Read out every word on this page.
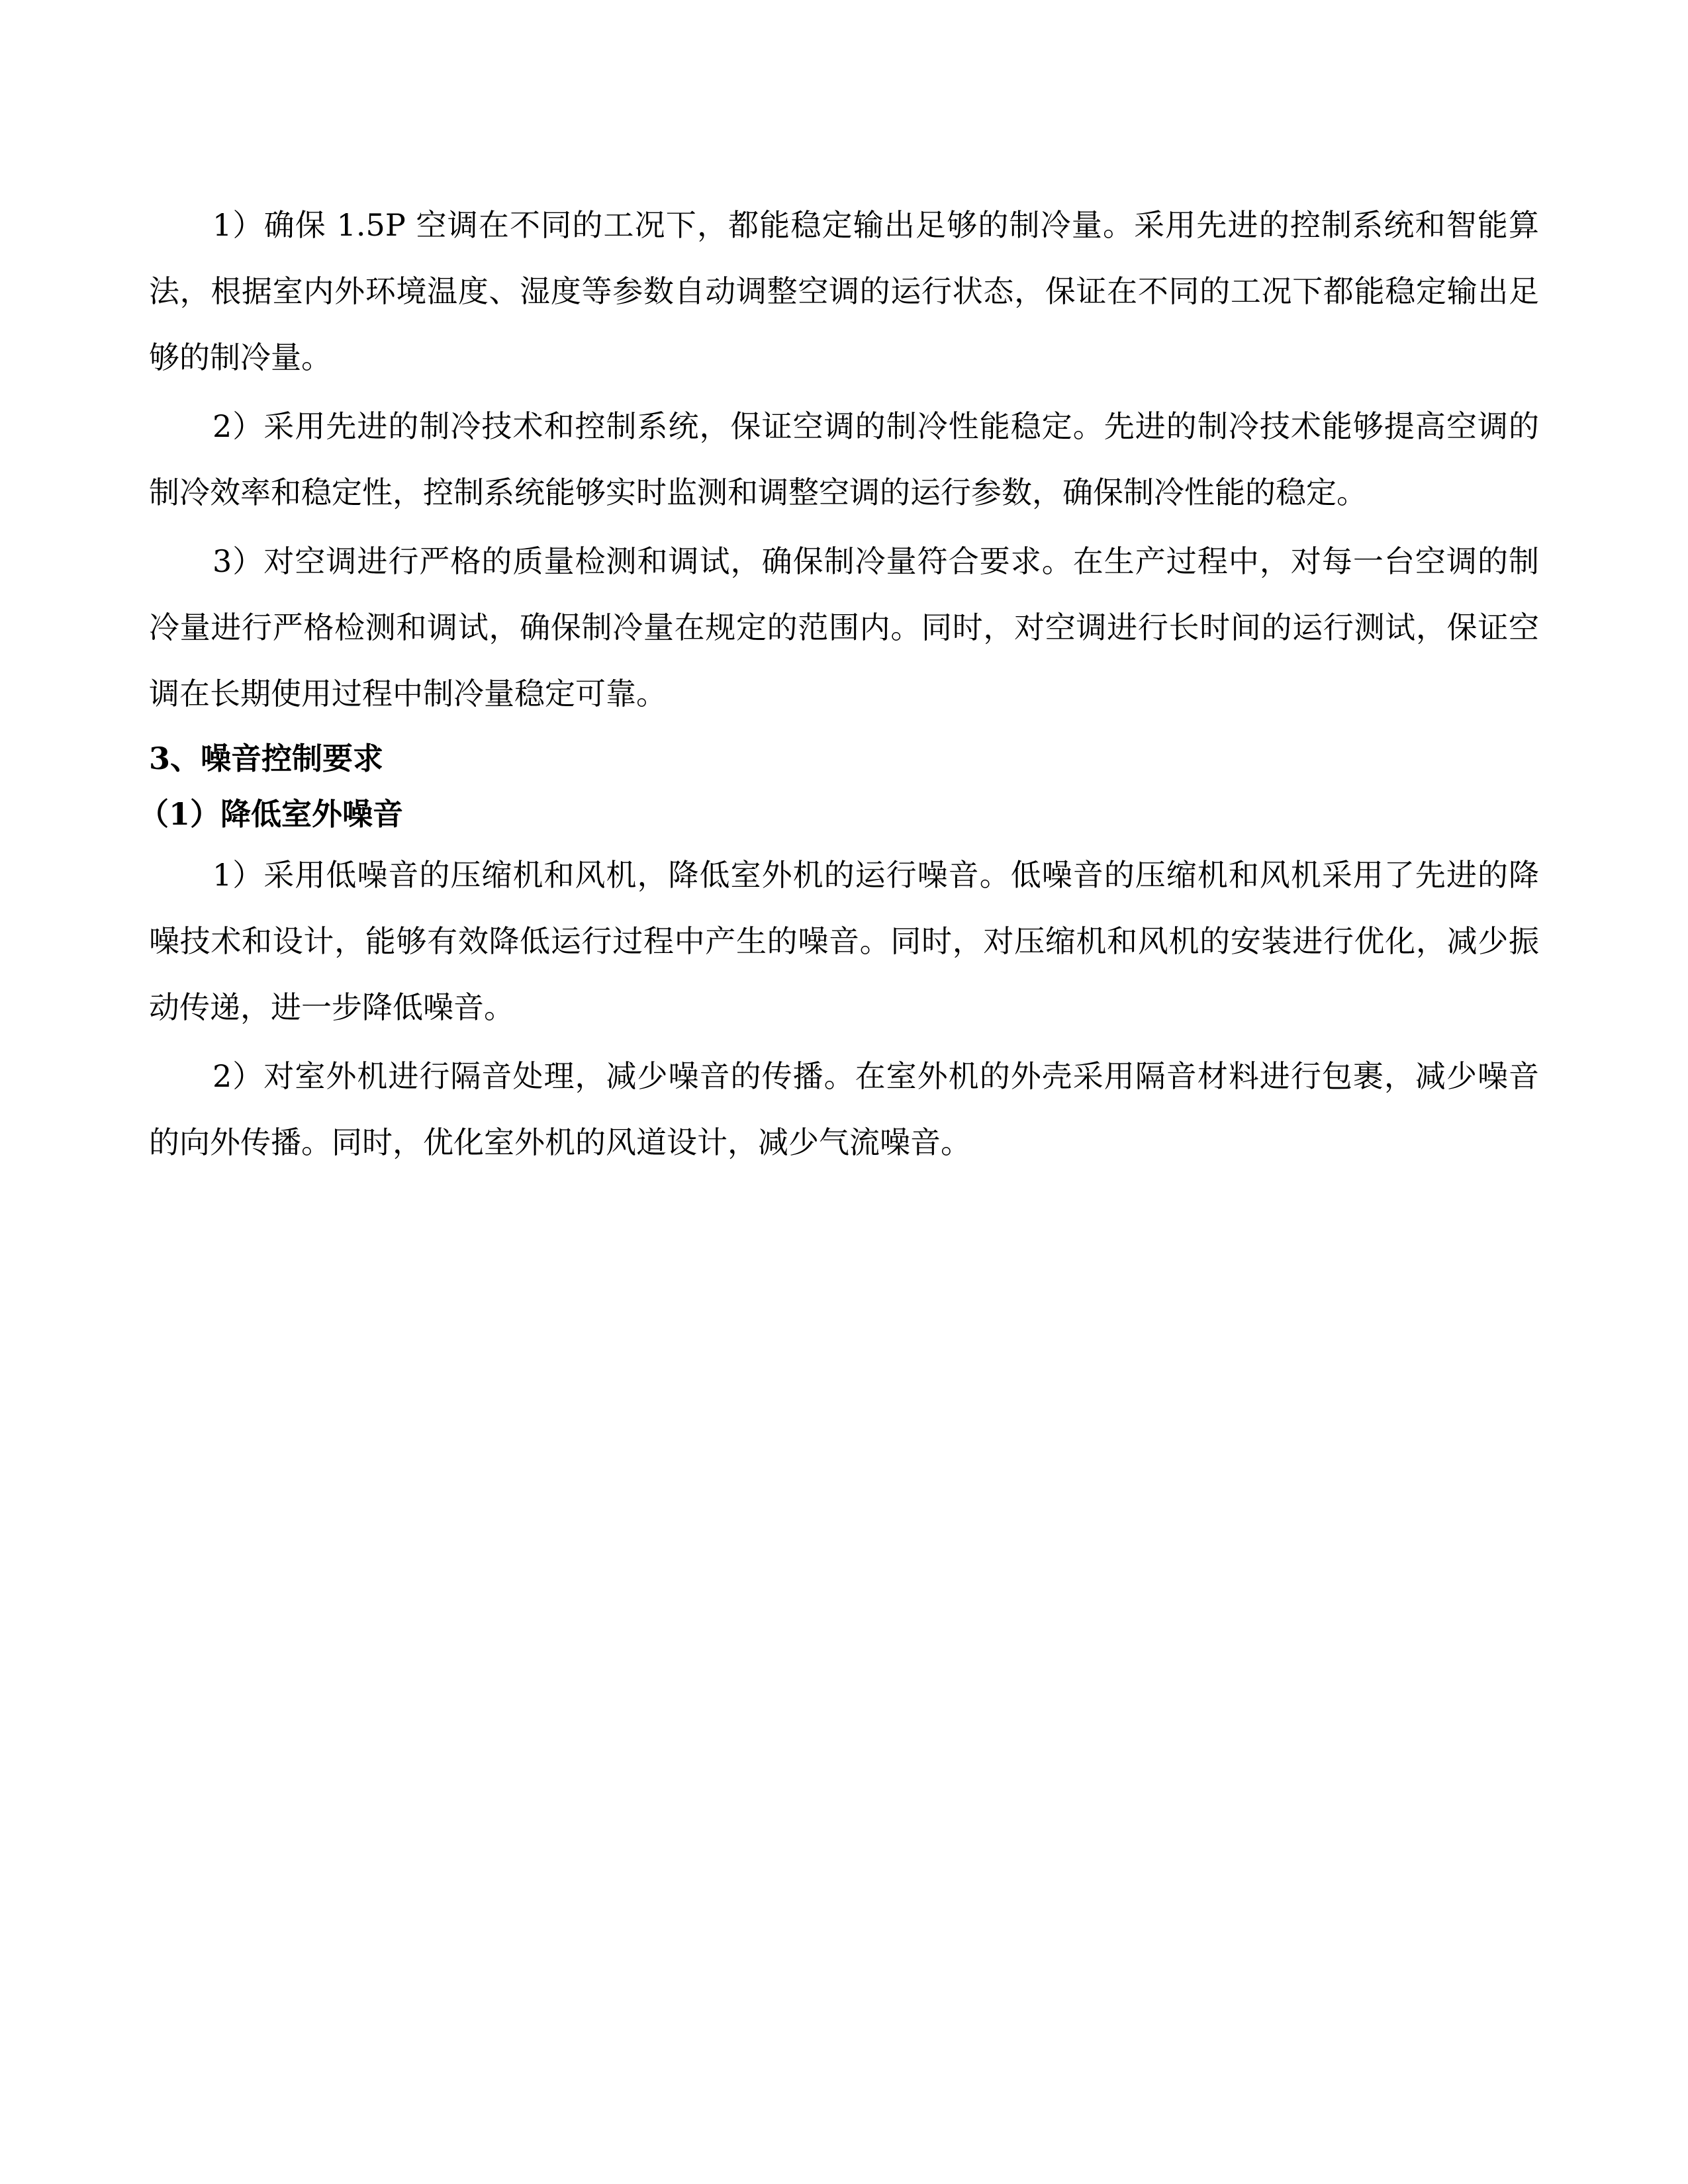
1）确保 1.5P 空调在不同的工况下，都能稳定输出足够的制冷量。采用先进的控制系统和智能算法，根据室内外环境温度、湿度等参数自动调整空调的运行状态，保证在不同的工况下都能稳定输出足够的制冷量。

2）采用先进的制冷技术和控制系统，保证空调的制冷性能稳定。先进的制冷技术能够提高空调的制冷效率和稳定性，控制系统能够实时监测和调整空调的运行参数，确保制冷性能的稳定。

3）对空调进行严格的质量检测和调试，确保制冷量符合要求。在生产过程中，对每一台空调的制冷量进行严格检测和调试，确保制冷量在规定的范围内。同时，对空调进行长时间的运行测试，保证空调在长期使用过程中制冷量稳定可靠。

3、噪音控制要求
（1）降低室外噪音

1）采用低噪音的压缩机和风机，降低室外机的运行噪音。低噪音的压缩机和风机采用了先进的降噪技术和设计，能够有效降低运行过程中产生的噪音。同时，对压缩机和风机的安装进行优化，减少振动传递，进一步降低噪音。

2）对室外机进行隔音处理，减少噪音的传播。在室外机的外壳采用隔音材料进行包裹，减少噪音的向外传播。同时，优化室外机的风道设计，减少气流噪音。
